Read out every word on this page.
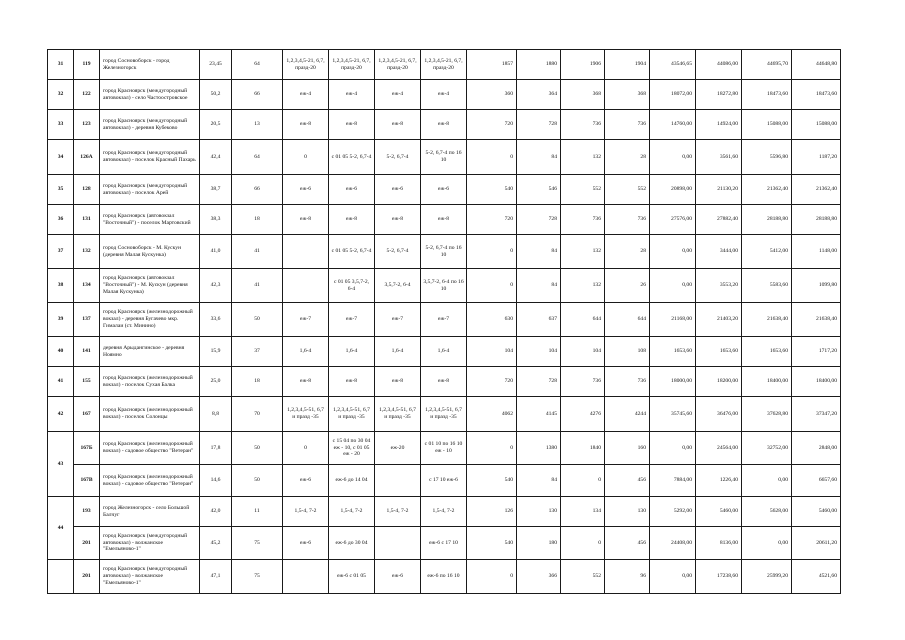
31	119	город Сосновоборск - город Железногорск	23,45	64	1,2,3,4,5-21, 6,7, празд-20	1,2,3,4,5-21, 6,7, празд-20	1,2,3,4,5-21, 6,7, празд-20	1,2,3,4,5-21, 6,7, празд-20	1857	1880	1906	1904	43546,65	44086,00	44695,70	44648,80
32	122	город Красноярск (междугородный автовокзал) - село Частоостровское	50,2	66	еж-4	еж-4	еж-4	еж-4	360	364	368	368	18072,00	18272,80	18473,60	18473,60
33	123	город Красноярск (междугородный автовокзал) - деревня Кубеково	20,5	13	еж-8	еж-8	еж-8	еж-8	720	728	736	736	14760,00	14924,00	15088,00	15088,00
34	126А	город Красноярск (междугородный автовокзал) - поселок Красный Пахарь	42,4	64	0	с 01 05 5-2, 6,7-4	5-2, 6,7-4	5-2, 6,7-4 по 16 10	0	84	132	28	0,00	3561,60	5596,80	1187,20
35	128	город Красноярск (междугородный автовокзал) - поселок Арей	38,7	66	еж-6	еж-6	еж-6	еж-6	540	546	552	552	20898,00	21130,20	21362,40	21362,40
36	131	город Красноярск (автовокзал "Восточный") - поселок Мартовский	38,3	18	еж-8	еж-8	еж-8	еж-8	720	728	736	736	27576,00	27882,40	28188,80	28188,80
37	132	город Сосновоборск - М. Кускун (деревня Малая Кускунка)	41,0	41		с 01 05 5-2, 6,7-4	5-2, 6,7-4	5-2, 6,7-4 по 16 10	0	84	132	28	0,00	3444,00	5412,00	1148,00
38	134	город Красноярск (автовокзал "Восточный") - М. Кускун (деревня Малая Кускунка)	42,3	41		с 01 05 3,5,7-2, 6-4	3,5,7-2, 6-4	3,5,7-2, 6-4 по 16 10	0	84	132	26	0,00	3553,20	5583,60	1099,80
39	137	город Красноярск (железнодорожный вокзал) - деревня Бугачево мкр. Гималаи (ст. Минино)	33,6	50	еж-7	еж-7	еж-7	еж-7	630	637	644	644	21168,00	21403,20	21638,40	21638,40
40	141	деревня Арыдангинское - деревня Ноямно	15,9	37	1,6-4	1,6-4	1,6-4	1,6-4	104	104	104	108	1653,60	1653,60	1653,60	1717,20
41	155	город Красноярск (железнодорожный вокзал) - поселок Сухая Балка	25,0	18	еж-8	еж-8	еж-8	еж-8	720	728	736	736	18000,00	18200,00	18400,00	18400,00
42	167	город Красноярск (железнодорожный вокзал) - поселок Солонцы	8,8	70	1,2,3,4,5-51, 6,7 и празд -35	1,2,3,4,5-51, 6,7 и празд -35	1,2,3,4,5-51, 6,7 и празд -35	1,2,3,4,5-51, 6,7 и празд -35	4062	4145	4276	4244	35745,60	36476,00	37628,80	37347,20
43	167Б	город Красноярск (железнодорожный вокзал) - садовое общество "Ветеран"	17,8	50	0	с 15 04 по 30 04 еж - 10, с 01 05 еж - 20	еж-20	с 01 10 по 16 10 еж - 10	0	1380	1840	160	0,00	24564,00	32752,00	2848,00
	167В	город Красноярск (железнодорожный вокзал) - садовое общество "Ветеран"	14,6	50	еж-6	еж-6 до 14 04		с 17 10 еж-6	540	84	0	456	7884,00	1226,40	0,00	6657,60
44	193	город Железногорск - село Большой Балчуг	42,0	11	1,5-4, 7-2	1,5-4, 7-2	1,5-4, 7-2	1,5-4, 7-2	126	130	134	130	5292,00	5460,00	5628,00	5460,00
	201	город Красноярск (междугородный автовокзал) - волжанское "Емельяново-1"	45,2	75	еж-6	еж-6 до 30 04		еж-6 с 17 10	540	180	0	456	24408,00	8136,00	0,00	20611,20
	201	город Красноярск (междугородный автовокзал) - волжанское "Емельяново-1"	47,1	75		еж-6 с 01 05	еж-6	еж-6 по 16 10	0	366	552	96	0,00	17238,60	25999,20	4521,60
